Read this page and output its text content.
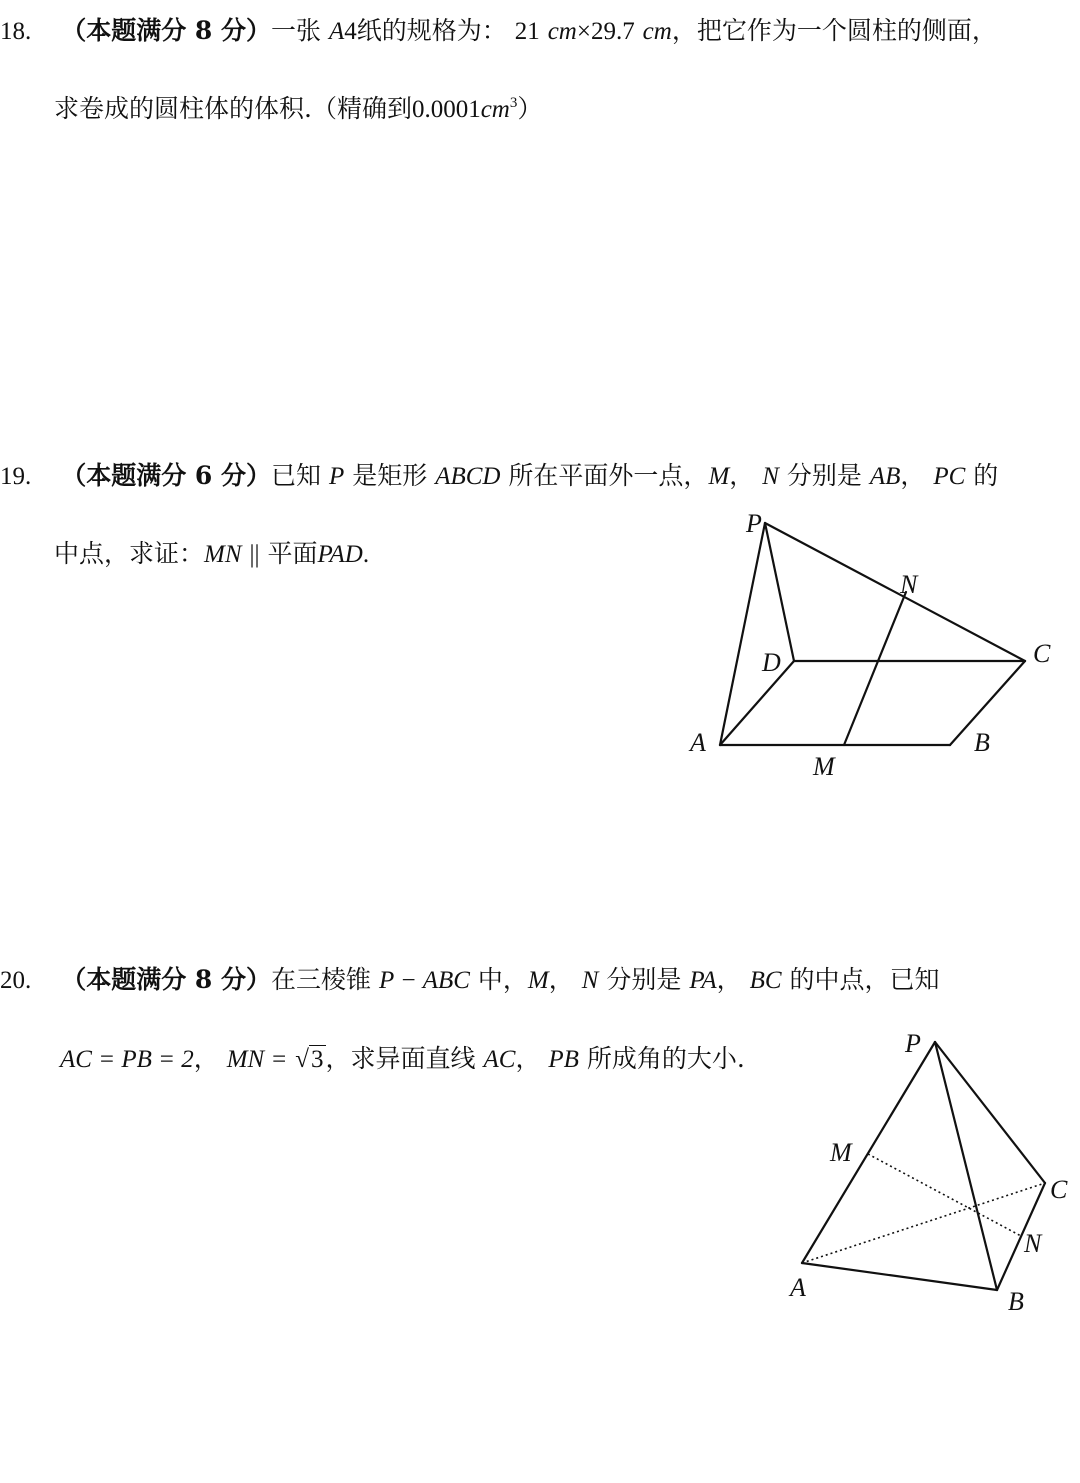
18. （本题满分 8 分）一张 A4纸的规格为： 21 cm×29.7 cm，把它作为一个圆柱的侧面，
求卷成的圆柱体的体积.（精确到$0.0001cm^3$）
19. （本题满分 6 分）已知 P 是矩形 ABCD 所在平面外一点，M， N 分别是 AB， PC 的
中点，求证：MN || 平面PAD.
P
N
C
D
A	B
M
20. （本题满分 8 分）在三棱锥 P − ABC 中，M， N 分别是 PA， BC 的中点，已知
AC = PB = 2， MN = √3，求异面直线 AC， PB 所成角的大小.
P
M
C
N
A	B
